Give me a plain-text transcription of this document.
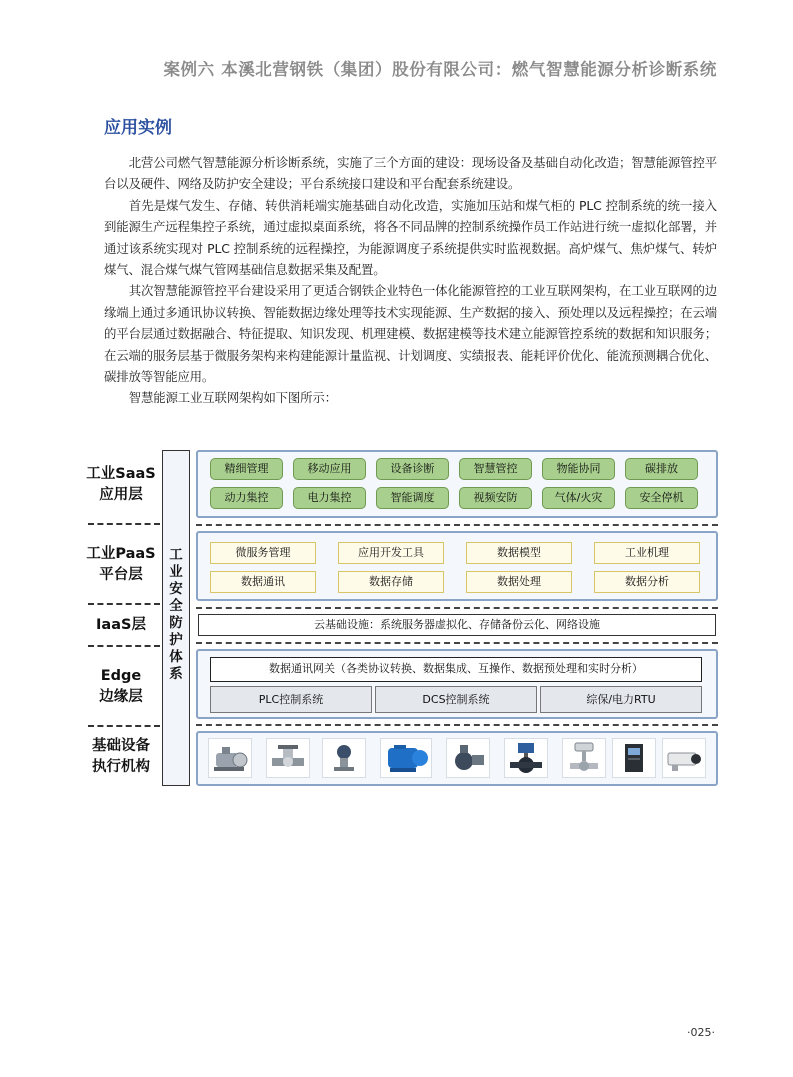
案例六 本溪北营钢铁（集团）股份有限公司：燃气智慧能源分析诊断系统
应用实例

北营公司燃气智慧能源分析诊断系统，实施了三个方面的建设：现场设备及基础自动化改造；智慧能源管控平台以及硬件、网络及防护安全建设；平台系统接口建设和平台配套系统建设。

首先是煤气发生、存储、转供消耗端实施基础自动化改造，实施加压站和煤气柜的 PLC 控制系统的统一接入到能源生产远程集控子系统，通过虚拟桌面系统，将各不同品牌的控制系统操作员工作站进行统一虚拟化部署，并通过该系统实现对 PLC 控制系统的远程操控，为能源调度子系统提供实时监视数据。高炉煤气、焦炉煤气、转炉煤气、混合煤气煤气管网基础信息数据采集及配置。

其次智慧能源管控平台建设采用了更适合钢铁企业特色一体化能源管控的工业互联网架构，在工业互联网的边缘端上通过多通讯协议转换、智能数据边缘处理等技术实现能源、生产数据的接入、预处理以及远程操控；在云端的平台层通过数据融合、特征提取、知识发现、机理建模、数据建模等技术建立能源管控系统的数据和知识服务；在云端的服务层基于微服务架构来构建能源计量监视、计划调度、实绩报表、能耗评价优化、能流预测耦合优化、碳排放等智能应用。

智慧能源工业互联网架构如下图所示：

工业SaaS
应用层
工业PaaS
平台层
IaaS层
Edge
边缘层
基础设备
执行机构
工
业
安
全
防
护
体
系
精细管理	移动应用	设备诊断	智慧管控	物能协同	碳排放
动力集控	电力集控	智能调度	视频安防	气体/火灾	安全停机
微服务管理	应用开发工具	数据模型	工业机理
数据通讯	数据存储	数据处理	数据分析
云基础设施：系统服务器虚拟化、存储备份云化、网络设施
数据通讯网关（各类协议转换、数据集成、互操作、数据预处理和实时分析）
PLC控制系统	DCS控制系统	综保/电力RTU
·025·
